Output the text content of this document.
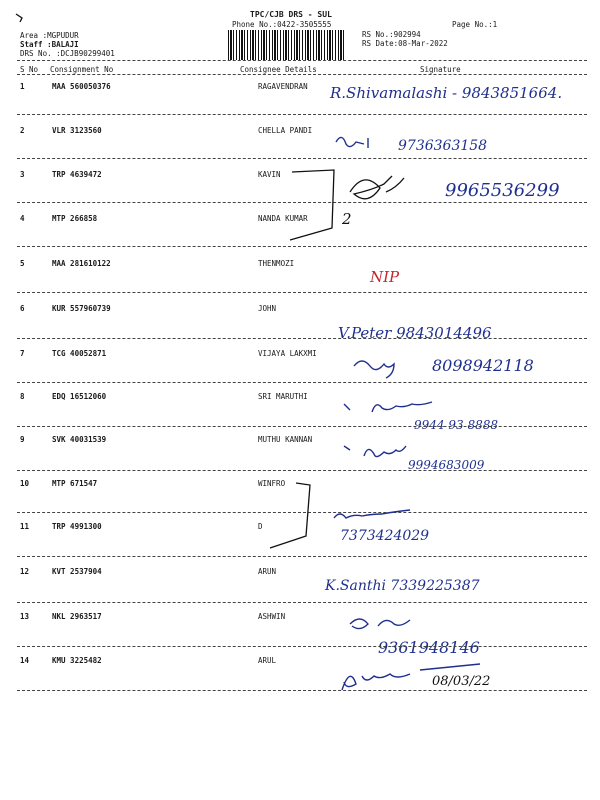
TPC/CJB DRS - SUL
Phone No.:0422-3505555	Page No.:1
Area :MGPUDUR
Staff :BALAJI
DRS No. :DCJB90299401
RS No.:902994
RS Date:08-Mar-2022
S No Consignment No	Consignee Details	Signature
1	MAA 560050376	RAGAVENDRAN R.Shivamalashi - 9843851664.
2	VLR 3123560	CHELLA PANDI
9736363158
3	TRP 4639472	KAVIN
9965536299
4	MTP 266858	NANDA KUMAR 2
5	MAA 281610122	THENMOZI
NIP
6	KUR 557960739	JOHN
V.Peter 9843014496
7	TCG 40052871	VIJAYA LAKXMI
8098942118
8	EDQ 16512060	SRI MARUTHI
9944 93 8888
9	SVK 40031539	MUTHU KANNAN
9994683009
10	MTP 671547	WINFRO
11	TRP 4991300	D
7373424029
12	KVT 2537904	ARUN
K.Santhi 7339225387
13	NKL 2963517	ASHWIN
9361948146
14	KMU 3225482	ARUL
08/03/22
